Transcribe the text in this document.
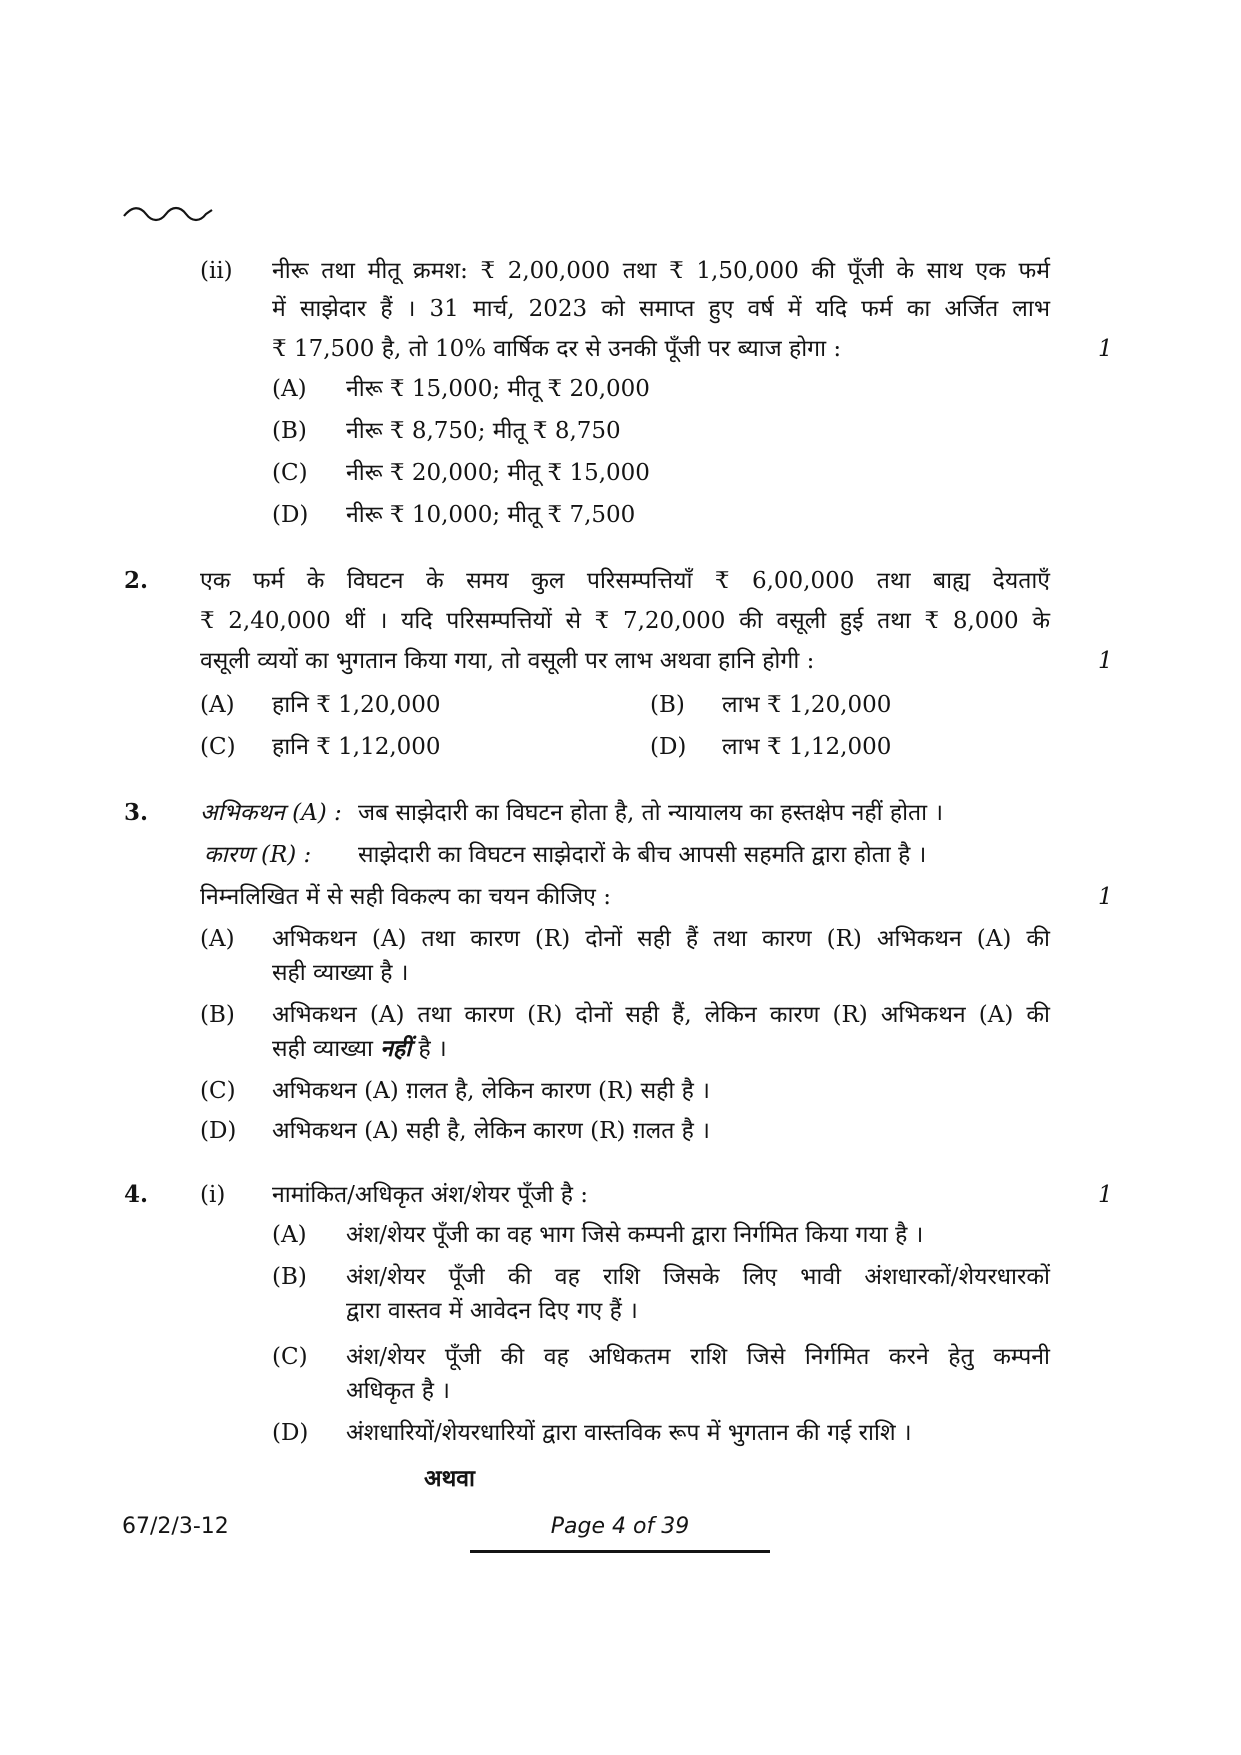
(ii) नीरू तथा मीतू क्रमश: ₹ 2,00,000 तथा ₹ 1,50,000 की पूँजी के साथ एक फर्म
में साझेदार हैं । 31 मार्च, 2023 को समाप्त हुए वर्ष में यदि फर्म का अर्जित लाभ
₹ 17,500 है, तो 10% वार्षिक दर से उनकी पूँजी पर ब्याज होगा :	1
(A) नीरू ₹ 15,000; मीतू ₹ 20,000
(B) नीरू ₹ 8,750; मीतू ₹ 8,750
(C) नीरू ₹ 20,000; मीतू ₹ 15,000
(D) नीरू ₹ 10,000; मीतू ₹ 7,500
2. एक फर्म के विघटन के समय कुल परिसम्पत्तियाँ ₹ 6,00,000 तथा बाह्य देयताएँ
₹ 2,40,000 थीं । यदि परिसम्पत्तियों से ₹ 7,20,000 की वसूली हुई तथा ₹ 8,000 के
वसूली व्ययों का भुगतान किया गया, तो वसूली पर लाभ अथवा हानि होगी :	1
(A) हानि ₹ 1,20,000	(B) लाभ ₹ 1,20,000
(C) हानि ₹ 1,12,000	(D) लाभ ₹ 1,12,000
3. अभिकथन (A) : जब साझेदारी का विघटन होता है, तो न्यायालय का हस्तक्षेप नहीं होता ।
कारण (R) : साझेदारी का विघटन साझेदारों के बीच आपसी सहमति द्वारा होता है ।
निम्नलिखित में से सही विकल्प का चयन कीजिए :	1
(A) अभिकथन (A) तथा कारण (R) दोनों सही हैं तथा कारण (R) अभिकथन (A) की
सही व्याख्या है ।
(B) अभिकथन (A) तथा कारण (R) दोनों सही हैं, लेकिन कारण (R) अभिकथन (A) की
सही व्याख्या नहीं है ।
(C) अभिकथन (A) ग़लत है, लेकिन कारण (R) सही है ।
(D) अभिकथन (A) सही है, लेकिन कारण (R) ग़लत है ।
4. (i) नामांकित/अधिकृत अंश/शेयर पूँजी है :	1
(A) अंश/शेयर पूँजी का वह भाग जिसे कम्पनी द्वारा निर्गमित किया गया है ।
(B) अंश/शेयर पूँजी की वह राशि जिसके लिए भावी अंशधारकों/शेयरधारकों
द्वारा वास्तव में आवेदन दिए गए हैं ।
(C) अंश/शेयर पूँजी की वह अधिकतम राशि जिसे निर्गमित करने हेतु कम्पनी
अधिकृत है ।
(D) अंशधारियों/शेयरधारियों द्वारा वास्तविक रूप में भुगतान की गई राशि ।
अथवा
67/2/3-12	Page 4 of 39
